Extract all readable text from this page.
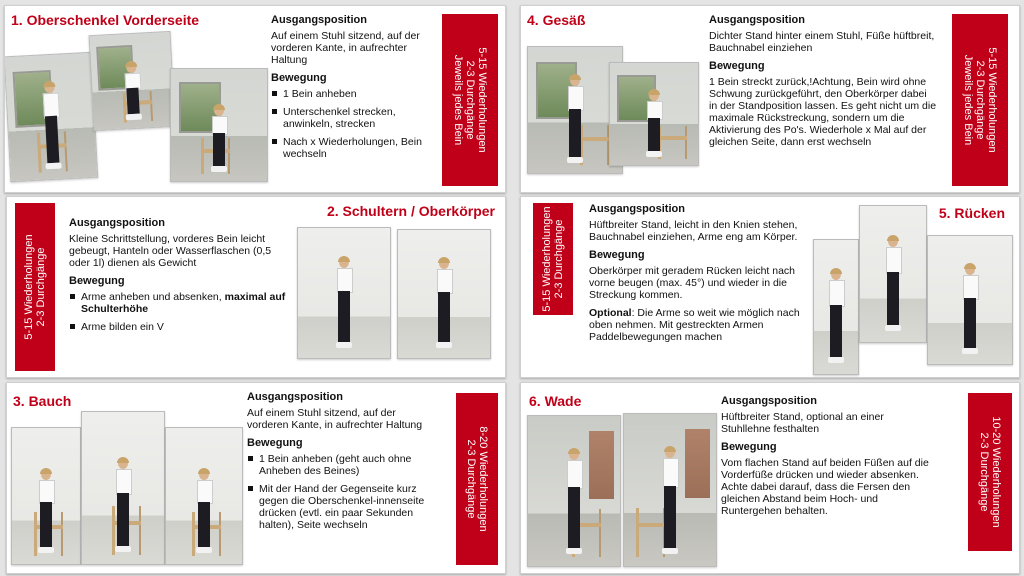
1. Oberschenkel Vorderseite	Ausgangsposition

Auf einem Stuhl sitzend, auf der vorderen Kante, in aufrechter Haltung

Bewegung
1 Bein anheben
Unterschenkel strecken, anwinkeln, strecken
Nach x Wiederholungen, Bein wechseln
5-15 Wiederholungen
2-3 Durchgänge
Jeweils jedes Bein
4. Gesäß	Ausgangsposition

Dichter Stand hinter einem Stuhl, Füße hüftbreit, Bauchnabel einziehen

Bewegung

1 Bein streckt zurück,!Achtung, Bein wird ohne Schwung zurückgeführt, den Oberkörper dabei in der Standposition lassen. Es geht nicht um die maximale Rückstreckung, sondern um die Aktivierung des Po's. Wiederhole x Mal auf der gleichen Seite, dann erst wechseln	5-15 Wiederholungen
2-3 Durchgänge
Jeweils jedes Bein
5-15 Wiederholungen 2-3 Durchgänge
Ausgangsposition

Kleine Schrittstellung, vorderes Bein leicht gebeugt, Hanteln oder Wasserflaschen (0,5 oder 1l) dienen als Gewicht

Bewegung
Arme anheben und absenken, maximal auf Schulterhöhe
Arme bilden ein V
2. Schultern / Oberkörper	5-15 Wiederholungen 2-3 Durchgänge
Ausgangsposition

Hüftbreiter Stand, leicht in den Knien stehen, Bauchnabel einziehen, Arme eng am Körper.

Bewegung

Oberkörper mit geradem Rücken leicht nach vorne beugen (max. 45°) und wieder in die Streckung kommen.

Optional: Die Arme so weit wie möglich nach oben nehmen. Mit gestreckten Armen Paddelbewegungen machen

5. Rücken
3. Bauch	Ausgangsposition

Auf einem Stuhl sitzend, auf der vorderen Kante, in aufrechter Haltung

Bewegung
1 Bein anheben (geht auch ohne Anheben des Beines)
Mit der Hand der Gegenseite kurz gegen die Oberschenkel-innenseite drücken (evtl. ein paar Sekunden halten), Seite wechseln	8-20 Wiederholungen
2-3 Durchgänge
6. Wade	Ausgangsposition

Hüftbreiter Stand, optional an einer Stuhllehne festhalten

Bewegung

Vom flachen Stand auf beiden Füßen auf die Vorderfüße drücken und wieder absenken. Achte dabei darauf, dass die Fersen den gleichen Abstand beim Hoch- und Runtergehen behalten.	10-20 Wiederholungen
2-3 Durchgänge
